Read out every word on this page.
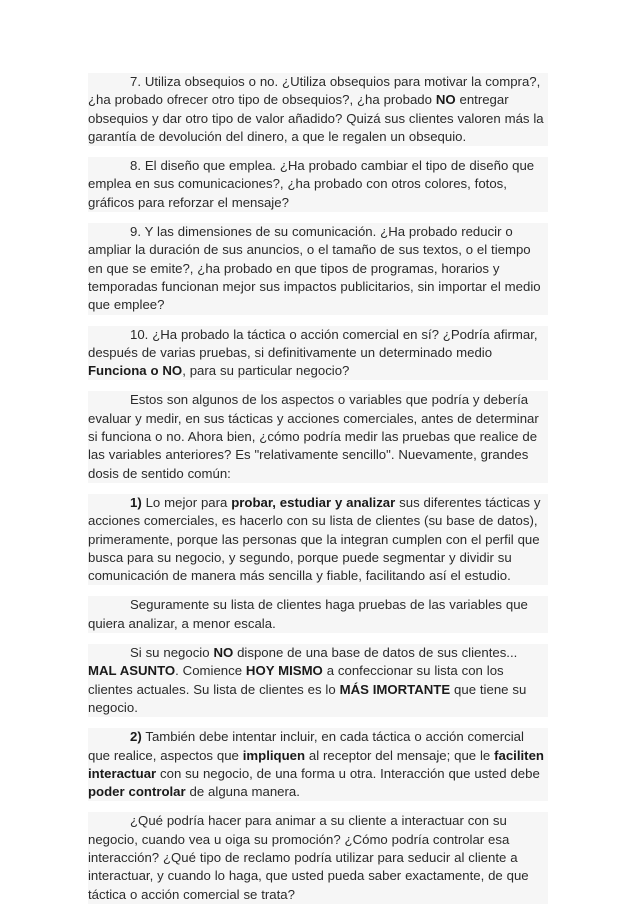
7. Utiliza obsequios o no. ¿Utiliza obsequios para motivar la compra?, ¿ha probado ofrecer otro tipo de obsequios?, ¿ha probado NO entregar obsequios y dar otro tipo de valor añadido? Quizá sus clientes valoren más la garantía de devolución del dinero, a que le regalen un obsequio.

8. El diseño que emplea. ¿Ha probado cambiar el tipo de diseño que emplea en sus comunicaciones?, ¿ha probado con otros colores, fotos, gráficos para reforzar el mensaje?

9. Y las dimensiones de su comunicación. ¿Ha probado reducir o ampliar la duración de sus anuncios, o el tamaño de sus textos, o el tiempo en que se emite?, ¿ha probado en que tipos de programas, horarios y temporadas funcionan mejor sus impactos publicitarios, sin importar el medio que emplee?

10. ¿Ha probado la táctica o acción comercial en sí? ¿Podría afirmar, después de varias pruebas, si definitivamente un determinado medio Funciona o NO, para su particular negocio?

Estos son algunos de los aspectos o variables que podría y debería evaluar y medir, en sus tácticas y acciones comerciales, antes de determinar si funciona o no. Ahora bien, ¿cómo podría medir las pruebas que realice de las variables anteriores? Es "relativamente sencillo". Nuevamente, grandes dosis de sentido común:

1) Lo mejor para probar, estudiar y analizar sus diferentes tácticas y acciones comerciales, es hacerlo con su lista de clientes (su base de datos), primeramente, porque las personas que la integran cumplen con el perfil que busca para su negocio, y segundo, porque puede segmentar y dividir su comunicación de manera más sencilla y fiable, facilitando así el estudio.

Seguramente su lista de clientes haga pruebas de las variables que quiera analizar, a menor escala.

Si su negocio NO dispone de una base de datos de sus clientes... MAL ASUNTO. Comience HOY MISMO a confeccionar su lista con los clientes actuales. Su lista de clientes es lo MÁS IMORTANTE que tiene su negocio.

2) También debe intentar incluir, en cada táctica o acción comercial que realice, aspectos que impliquen al receptor del mensaje; que le faciliten interactuar con su negocio, de una forma u otra. Interacción que usted debe poder controlar de alguna manera.

¿Qué podría hacer para animar a su cliente a interactuar con su negocio, cuando vea u oiga su promoción? ¿Cómo podría controlar esa interacción? ¿Qué tipo de reclamo podría utilizar para seducir al cliente a interactuar, y cuando lo haga, que usted pueda saber exactamente, de que táctica o acción comercial se trata?
